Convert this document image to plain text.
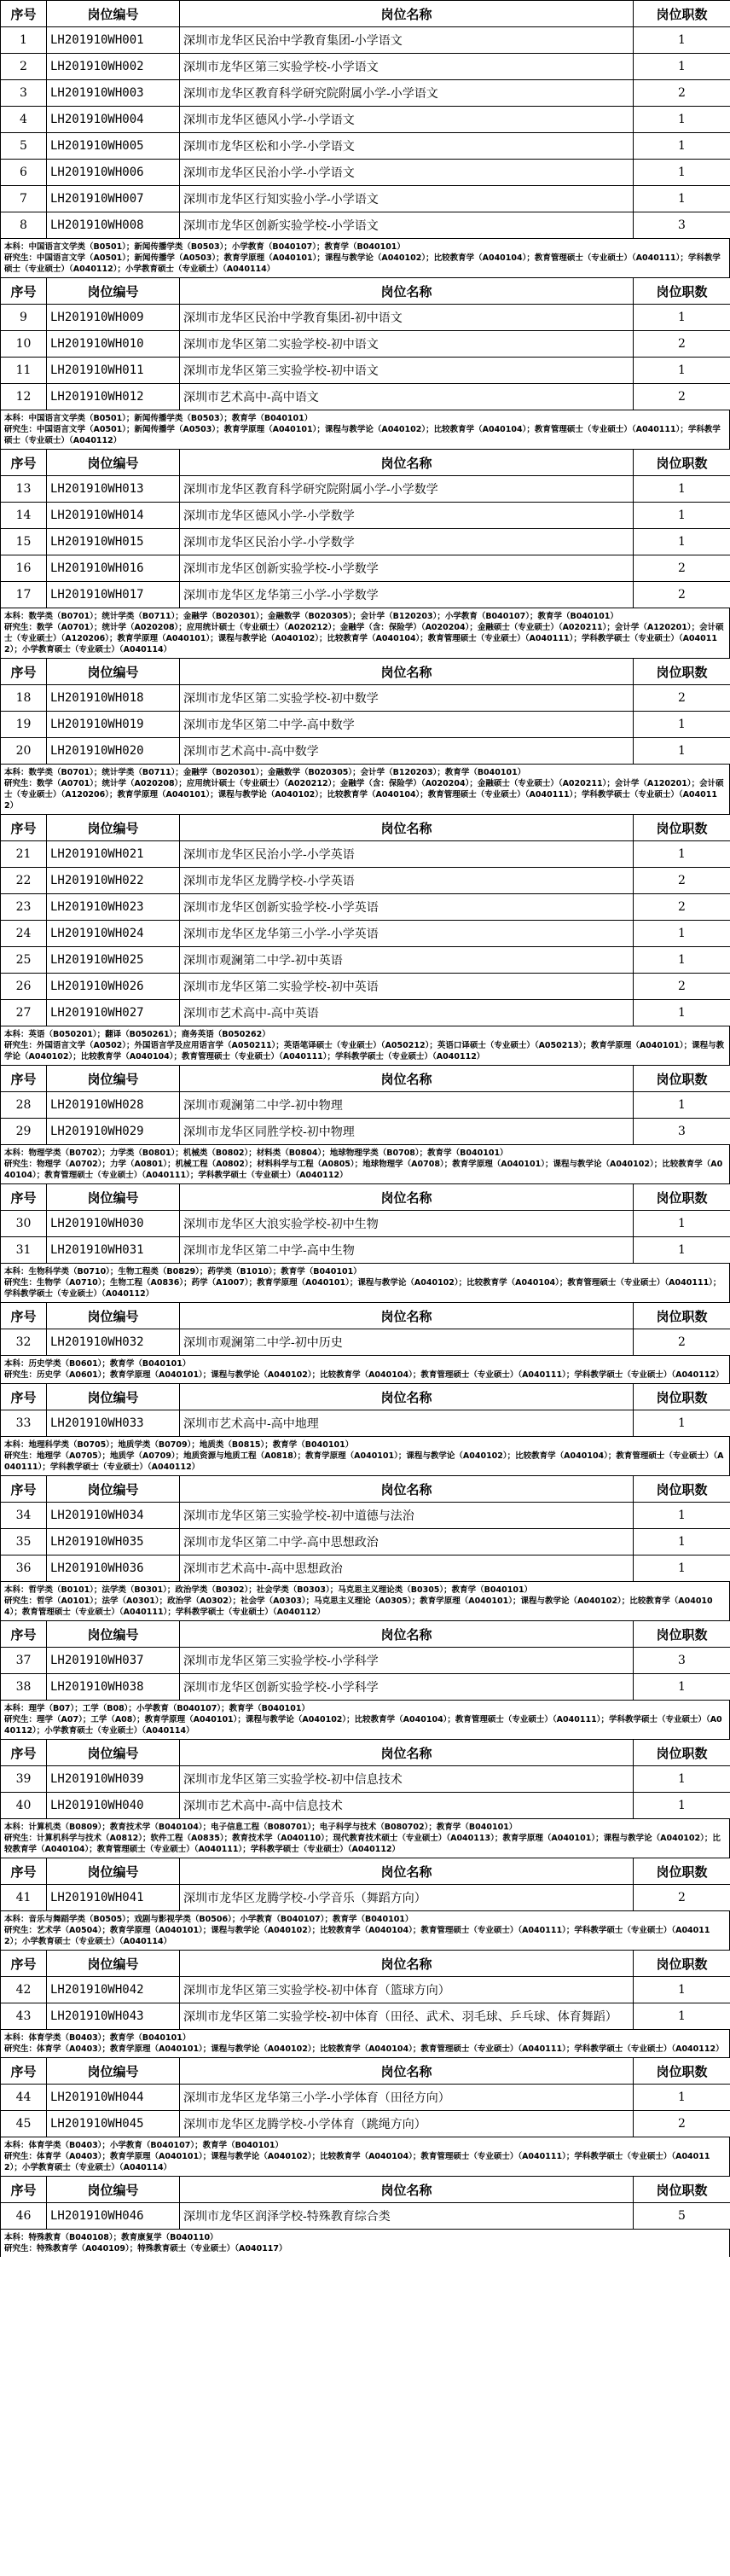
序号	岗位编号	岗位名称	岗位职数
1	LH201910WH001	深圳市龙华区民治中学教育集团-小学语文	1
2	LH201910WH002	深圳市龙华区第三实验学校-小学语文	1
3	LH201910WH003	深圳市龙华区教育科学研究院附属小学-小学语文	2
4	LH201910WH004	深圳市龙华区德风小学-小学语文	1
5	LH201910WH005	深圳市龙华区松和小学-小学语文	1
6	LH201910WH006	深圳市龙华区民治小学-小学语文	1
7	LH201910WH007	深圳市龙华区行知实验小学-小学语文	1
8	LH201910WH008	深圳市龙华区创新实验学校-小学语文	3
本科：中国语言文学类（B0501）；新闻传播学类（B0503）；小学教育（B040107）；教育学（B040101）
研究生：中国语言文学（A0501）；新闻传播学（A0503）；教育学原理（A040101）；课程与教学论（A040102）；比较教育学（A040104）；教育管理硕士（专业硕士）（A040111）；学科教学硕士（专业硕士）（A040112）；小学教育硕士（专业硕士）（A040114）
序号	岗位编号	岗位名称	岗位职数
9	LH201910WH009	深圳市龙华区民治中学教育集团-初中语文	1
10	LH201910WH010	深圳市龙华区第二实验学校-初中语文	2
11	LH201910WH011	深圳市龙华区第三实验学校-初中语文	1
12	LH201910WH012	深圳市艺术高中-高中语文	2
本科：中国语言文学类（B0501）；新闻传播学类（B0503）；教育学（B040101）
研究生：中国语言文学（A0501）；新闻传播学（A0503）；教育学原理（A040101）；课程与教学论（A040102）；比较教育学（A040104）；教育管理硕士（专业硕士）（A040111）；学科教学硕士（专业硕士）（A040112）
序号	岗位编号	岗位名称	岗位职数
13	LH201910WH013	深圳市龙华区教育科学研究院附属小学-小学数学	1
14	LH201910WH014	深圳市龙华区德风小学-小学数学	1
15	LH201910WH015	深圳市龙华区民治小学-小学数学	1
16	LH201910WH016	深圳市龙华区创新实验学校-小学数学	2
17	LH201910WH017	深圳市龙华区龙华第三小学-小学数学	2
本科：数学类（B0701）；统计学类（B0711）；金融学（B020301）；金融数学（B020305）；会计学（B120203）；小学教育（B040107）；教育学（B040101）
研究生：数学（A0701）；统计学（A020208）；应用统计硕士（专业硕士）（A020212）；金融学（含：保险学）（A020204）；金融硕士（专业硕士）（A020211）；会计学（A120201）；会计硕士（专业硕士）（A120206）；教育学原理（A040101）；课程与教学论（A040102）；比较教育学（A040104）；教育管理硕士（专业硕士）（A040111）；学科教学硕士（专业硕士）（A040112）；小学教育硕士（专业硕士）（A040114）
序号	岗位编号	岗位名称	岗位职数
18	LH201910WH018	深圳市龙华区第二实验学校-初中数学	2
19	LH201910WH019	深圳市龙华区第二中学-高中数学	1
20	LH201910WH020	深圳市艺术高中-高中数学	1
本科：数学类（B0701）；统计学类（B0711）；金融学（B020301）；金融数学（B020305）；会计学（B120203）；教育学（B040101）
研究生：数学（A0701）；统计学（A020208）；应用统计硕士（专业硕士）（A020212）；金融学（含：保险学）（A020204）；金融硕士（专业硕士）（A020211）；会计学（A120201）；会计硕士（专业硕士）（A120206）；教育学原理（A040101）；课程与教学论（A040102）；比较教育学（A040104）；教育管理硕士（专业硕士）（A040111）；学科教学硕士（专业硕士）（A040112）
序号	岗位编号	岗位名称	岗位职数
21	LH201910WH021	深圳市龙华区民治小学-小学英语	1
22	LH201910WH022	深圳市龙华区龙腾学校-小学英语	2
23	LH201910WH023	深圳市龙华区创新实验学校-小学英语	2
24	LH201910WH024	深圳市龙华区龙华第三小学-小学英语	1
25	LH201910WH025	深圳市观澜第二中学-初中英语	1
26	LH201910WH026	深圳市龙华区第二实验学校-初中英语	2
27	LH201910WH027	深圳市艺术高中-高中英语	1
本科：英语（B050201）；翻译（B050261）；商务英语（B050262）
研究生：外国语言文学（A0502）；外国语言学及应用语言学（A050211）；英语笔译硕士（专业硕士）（A050212）；英语口译硕士（专业硕士）（A050213）；教育学原理（A040101）；课程与教学论（A040102）；比较教育学（A040104）；教育管理硕士（专业硕士）（A040111）；学科教学硕士（专业硕士）（A040112）
序号	岗位编号	岗位名称	岗位职数
28	LH201910WH028	深圳市观澜第二中学-初中物理	1
29	LH201910WH029	深圳市龙华区同胜学校-初中物理	3
本科：物理学类（B0702）；力学类（B0801）；机械类（B0802）；材料类（B0804）；地球物理学类（B0708）；教育学（B040101）
研究生：物理学（A0702）；力学（A0801）；机械工程（A0802）；材料科学与工程（A0805）；地球物理学（A0708）；教育学原理（A040101）；课程与教学论（A040102）；比较教育学（A040104）；教育管理硕士（专业硕士）（A040111）；学科教学硕士（专业硕士）（A040112）
序号	岗位编号	岗位名称	岗位职数
30	LH201910WH030	深圳市龙华区大浪实验学校-初中生物	1
31	LH201910WH031	深圳市龙华区第二中学-高中生物	1
本科：生物科学类（B0710）；生物工程类（B0829）；药学类（B1010）；教育学（B040101）
研究生：生物学（A0710）；生物工程（A0836）；药学（A1007）；教育学原理（A040101）；课程与教学论（A040102）；比较教育学（A040104）；教育管理硕士（专业硕士）（A040111）；学科教学硕士（专业硕士）（A040112）
序号	岗位编号	岗位名称	岗位职数
32	LH201910WH032	深圳市观澜第二中学-初中历史	2
本科：历史学类（B0601）；教育学（B040101）
研究生：历史学（A0601）；教育学原理（A040101）；课程与教学论（A040102）；比较教育学（A040104）；教育管理硕士（专业硕士）（A040111）；学科教学硕士（专业硕士）（A040112）
序号	岗位编号	岗位名称	岗位职数
33	LH201910WH033	深圳市艺术高中-高中地理	1
本科：地理科学类（B0705）；地质学类（B0709）；地质类（B0815）；教育学（B040101）
研究生：地理学（A0705）；地质学（A0709）；地质资源与地质工程（A0818）；教育学原理（A040101）；课程与教学论（A040102）；比较教育学（A040104）；教育管理硕士（专业硕士）（A040111）；学科教学硕士（专业硕士）（A040112）
序号	岗位编号	岗位名称	岗位职数
34	LH201910WH034	深圳市龙华区第三实验学校-初中道德与法治	1
35	LH201910WH035	深圳市龙华区第二中学-高中思想政治	1
36	LH201910WH036	深圳市艺术高中-高中思想政治	1
本科：哲学类（B0101）；法学类（B0301）；政治学类（B0302）；社会学类（B0303）；马克思主义理论类（B0305）；教育学（B040101）
研究生：哲学（A0101）；法学（A0301）；政治学（A0302）；社会学（A0303）；马克思主义理论（A0305）；教育学原理（A040101）；课程与教学论（A040102）；比较教育学（A040104）；教育管理硕士（专业硕士）（A040111）；学科教学硕士（专业硕士）（A040112）
序号	岗位编号	岗位名称	岗位职数
37	LH201910WH037	深圳市龙华区第三实验学校-小学科学	3
38	LH201910WH038	深圳市龙华区创新实验学校-小学科学	1
本科：理学（B07）；工学（B08）；小学教育（B040107）；教育学（B040101）
研究生：理学（A07）；工学（A08）；教育学原理（A040101）；课程与教学论（A040102）；比较教育学（A040104）；教育管理硕士（专业硕士）（A040111）；学科教学硕士（专业硕士）（A040112）；小学教育硕士（专业硕士）（A040114）
序号	岗位编号	岗位名称	岗位职数
39	LH201910WH039	深圳市龙华区第三实验学校-初中信息技术	1
40	LH201910WH040	深圳市艺术高中-高中信息技术	1
本科：计算机类（B0809）；教育技术学（B040104）；电子信息工程（B080701）；电子科学与技术（B080702）；教育学（B040101）
研究生：计算机科学与技术（A0812）；软件工程（A0835）；教育技术学（A040110）；现代教育技术硕士（专业硕士）（A040113）；教育学原理（A040101）；课程与教学论（A040102）；比较教育学（A040104）；教育管理硕士（专业硕士）（A040111）；学科教学硕士（专业硕士）（A040112）
序号	岗位编号	岗位名称	岗位职数
41	LH201910WH041	深圳市龙华区龙腾学校-小学音乐（舞蹈方向）	2
本科：音乐与舞蹈学类（B0505）；戏剧与影视学类（B0506）；小学教育（B040107）；教育学（B040101）
研究生：艺术学（A0504）；教育学原理（A040101）；课程与教学论（A040102）；比较教育学（A040104）；教育管理硕士（专业硕士）（A040111）；学科教学硕士（专业硕士）（A040112）；小学教育硕士（专业硕士）（A040114）
序号	岗位编号	岗位名称	岗位职数
42	LH201910WH042	深圳市龙华区第三实验学校-初中体育（篮球方向）	1
43	LH201910WH043	深圳市龙华区第二实验学校-初中体育（田径、武术、羽毛球、乒乓球、体育舞蹈）	1
本科：体育学类（B0403）；教育学（B040101）
研究生：体育学（A0403）；教育学原理（A040101）；课程与教学论（A040102）；比较教育学（A040104）；教育管理硕士（专业硕士）（A040111）；学科教学硕士（专业硕士）（A040112）
序号	岗位编号	岗位名称	岗位职数
44	LH201910WH044	深圳市龙华区龙华第三小学-小学体育（田径方向）	1
45	LH201910WH045	深圳市龙华区龙腾学校-小学体育（跳绳方向）	2
本科：体育学类（B0403）；小学教育（B040107）；教育学（B040101）
研究生：体育学（A0403）；教育学原理（A040101）；课程与教学论（A040102）；比较教育学（A040104）；教育管理硕士（专业硕士）（A040111）；学科教学硕士（专业硕士）（A040112）；小学教育硕士（专业硕士）（A040114）
序号	岗位编号	岗位名称	岗位职数
46	LH201910WH046	深圳市龙华区润泽学校-特殊教育综合类	5
本科：特殊教育（B040108）；教育康复学（B040110）
研究生：特殊教育学（A040109）；特殊教育硕士（专业硕士）（A040117）
